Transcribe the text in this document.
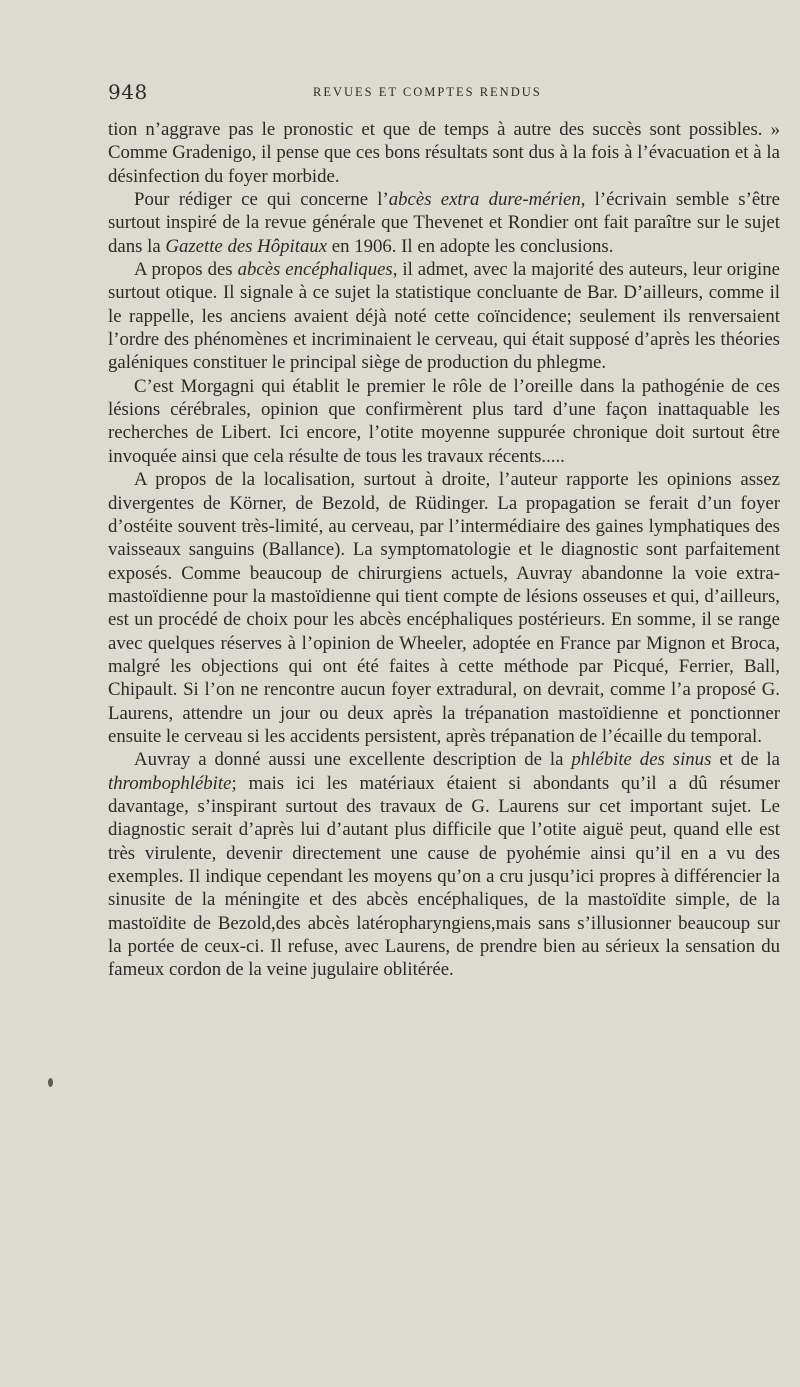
948	REVUES ET COMPTES RENDUS

tion n’aggrave pas le pronostic et que de temps à autre des succès sont possibles. » Comme Gradenigo, il pense que ces bons résultats sont dus à la fois à l’évacuation et à la désinfection du foyer morbide.

Pour rédiger ce qui concerne l’abcès extra dure-mérien, l’écrivain semble s’être surtout inspiré de la revue générale que Thevenet et Rondier ont fait paraître sur le sujet dans la Gazette des Hôpitaux en 1906. Il en adopte les conclusions.

A propos des abcès encéphaliques, il admet, avec la majorité des auteurs, leur origine surtout otique. Il signale à ce sujet la statistique concluante de Bar. D’ailleurs, comme il le rappelle, les anciens avaient déjà noté cette coïncidence; seulement ils renversaient l’ordre des phénomènes et incriminaient le cerveau, qui était supposé d’après les théories galéniques constituer le principal siège de production du phlegme.

C’est Morgagni qui établit le premier le rôle de l’oreille dans la pathogénie de ces lésions cérébrales, opinion que confirmèrent plus tard d’une façon inattaquable les recherches de Libert. Ici encore, l’otite moyenne suppurée chronique doit surtout être invoquée ainsi que cela résulte de tous les travaux récents.....

A propos de la localisation, surtout à droite, l’auteur rapporte les opinions assez divergentes de Körner, de Bezold, de Rüdinger. La propagation se ferait d’un foyer d’ostéite souvent très-limité, au cerveau, par l’intermédiaire des gaines lymphatiques des vaisseaux sanguins (Ballance). La symptomatologie et le diagnostic sont parfaitement exposés. Comme beaucoup de chirurgiens actuels, Auvray abandonne la voie extra-mastoïdienne pour la mastoïdienne qui tient compte de lésions osseuses et qui, d’ailleurs, est un procédé de choix pour les abcès encéphaliques postérieurs. En somme, il se range avec quelques réserves à l’opinion de Wheeler, adoptée en France par Mignon et Broca, malgré les objections qui ont été faites à cette méthode par Picqué, Ferrier, Ball, Chipault. Si l’on ne rencontre aucun foyer extradural, on devrait, comme l’a proposé G. Laurens, attendre un jour ou deux après la trépanation mastoïdienne et ponctionner ensuite le cerveau si les accidents persistent, après trépanation de l’écaille du temporal.

Auvray a donné aussi une excellente description de la phlébite des sinus et de la thrombophlébite; mais ici les matériaux étaient si abondants qu’il a dû résumer davantage, s’inspirant surtout des travaux de G. Laurens sur cet important sujet. Le diagnostic serait d’après lui d’autant plus difficile que l’otite aiguë peut, quand elle est très virulente, devenir directement une cause de pyohémie ainsi qu’il en a vu des exemples. Il indique cependant les moyens qu’on a cru jusqu’ici propres à différencier la sinusite de la méningite et des abcès encéphaliques, de la mastoïdite simple, de la mastoïdite de Bezold,des abcès latéropharyngiens,mais sans s’illusionner beaucoup sur la portée de ceux-ci. Il refuse, avec Laurens, de prendre bien au sérieux la sensation du fameux cordon de la veine jugulaire oblitérée.
